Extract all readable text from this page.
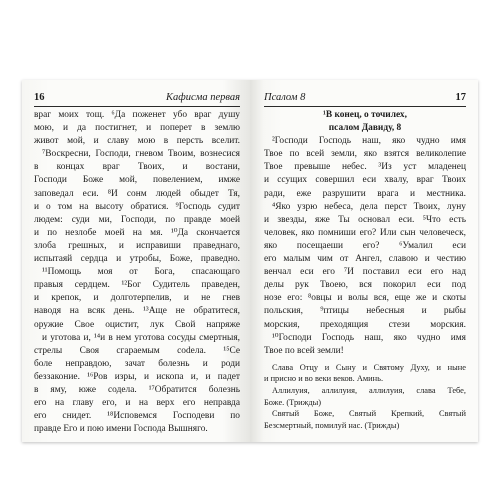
16	Кафисма первая
враг моих тощ. ⁶Да поженет убо враг душу
мою, и да постигнет, и поперет в землю
живот мой, и славу мою в персть вселит.
⁷Воскресни, Господи, гневом Твоим, вознесися
в концах враг Твоих, и востани,
Господи Боже мой, повелением, имже
заповедал еси. ⁸И сонм людей обыдет Тя,
и о том на высоту обратися. ⁹Господь судит
людем: суди ми, Господи, по правде моей
и по незлобе моей на мя. ¹⁰Да скончается
злоба грешных, и исправиши праведнаго,
испытаяй сердца и утробы, Боже, праведно.
¹¹Помощь моя от Бога, спасающаго
правыя сердцем. ¹²Бог Судитель праведен,
и крепок, и долготерпелив, и не гнев
наводя на всяк день. ¹³Аще не обратитеся,
оружие Свое оцистит, лук Свой напряже
и уготова и, ¹⁴и в нем уготова сосуды смертныя,
стрелы Своя сгараемым соdела. ¹⁵Се
боле неправдою, зачат болезнь и роди
беззаконие. ¹⁶Ров изры, и ископа и, и падет
в яму, юже содела. ¹⁷Обратится болезнь
его на главу его, и на верх его неправда
его снидет. ¹⁸Исповемся Господеви по
правде Его и пою имени Господа Вышняго.
Псалом 8	17
¹В конец, о точилех,
псалом Давиду, 8
²Господи Господь наш, яко чудно имя
Твое по всей земли, яко взятся великолепие
Твое превыше небес. ³Из уст младенец
и ссущих совершил еси хвалу, враг Твоих
ради, еже разрушити врага и местника.
⁴Яко узрю небеса, дела перст Твоих, луну
и звезды, яже Ты основал еси. ⁵Что есть
человек, яко помниши его? Или сын человеческ,
яко посещаеши его? ⁶Умалил еси
его малым чим от Ангел, славою и честию
венчал еси его ⁷И поставил еси его над
делы рук Твоею, вся покорил еси под
нозе его: ⁸овцы и волы вся, еще же и скоты
польския, ⁹птицы небесныя и рыбы
морския, преходящия стези морския.
¹⁰Господи Господь наш, яко чудно имя
Твое по всей земли!
Слава Отцу и Сыну и Святому Духу, и ныне
и присно и во веки веков. Аминь.
Аллилуия, аллилуия, аллилуия, слава Тебе,
Боже. (Трижды)
Святый Боже, Святый Крепкий, Святый
Безсмертный, помилуй нас. (Трижды)
